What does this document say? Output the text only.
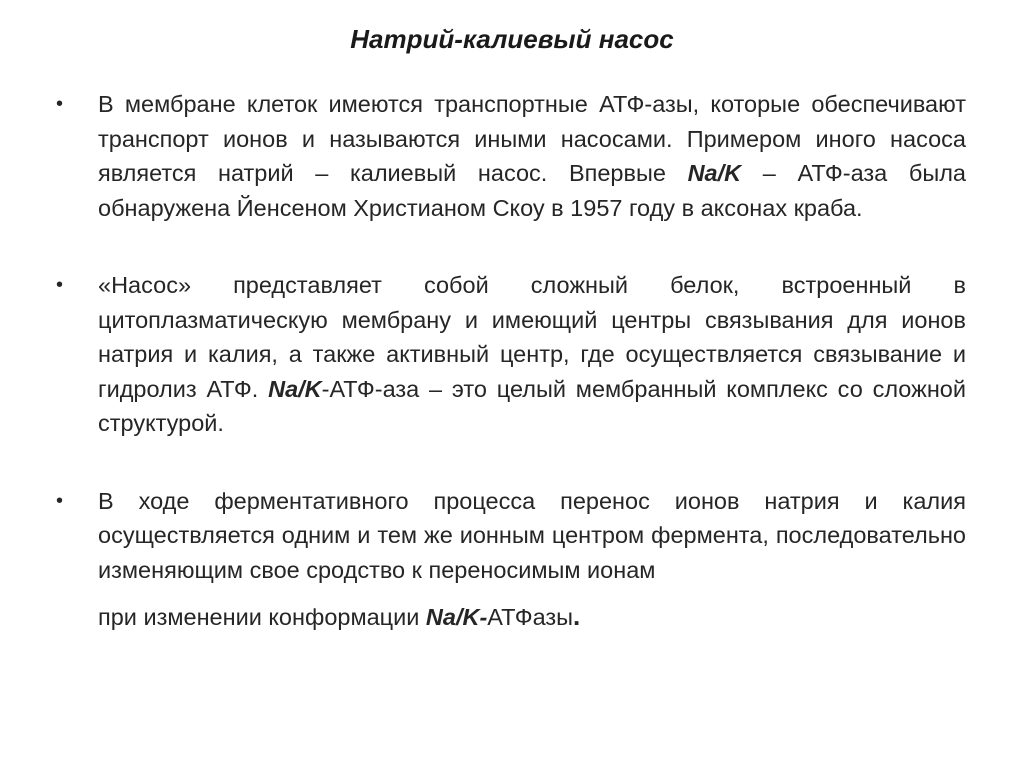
Натрий-калиевый насос
• В мембране клеток имеются транспортные АТФ-азы, которые обеспечивают транспорт ионов и называются иными насосами. Примером иного насоса является натрий – калиевый насос. Впервые Na/K – АТФ-аза была обнаружена Йенсеном Христианом Скоу в 1957 году в аксонах краба.
• «Насос» представляет собой сложный белок, встроенный в цитоплазматическую мембрану и имеющий центры связывания для ионов натрия и калия, а также активный центр, где осуществляется связывание и гидролиз АТФ. Na/K-АТФ-аза – это целый мембранный комплекс со сложной структурой.
• В ходе ферментативного процесса перенос ионов натрия и калия осуществляется одним и тем же ионным центром фермента, последовательно изменяющим свое сродство к переносимым ионам
при изменении конформации Na/K-АТФазы.
